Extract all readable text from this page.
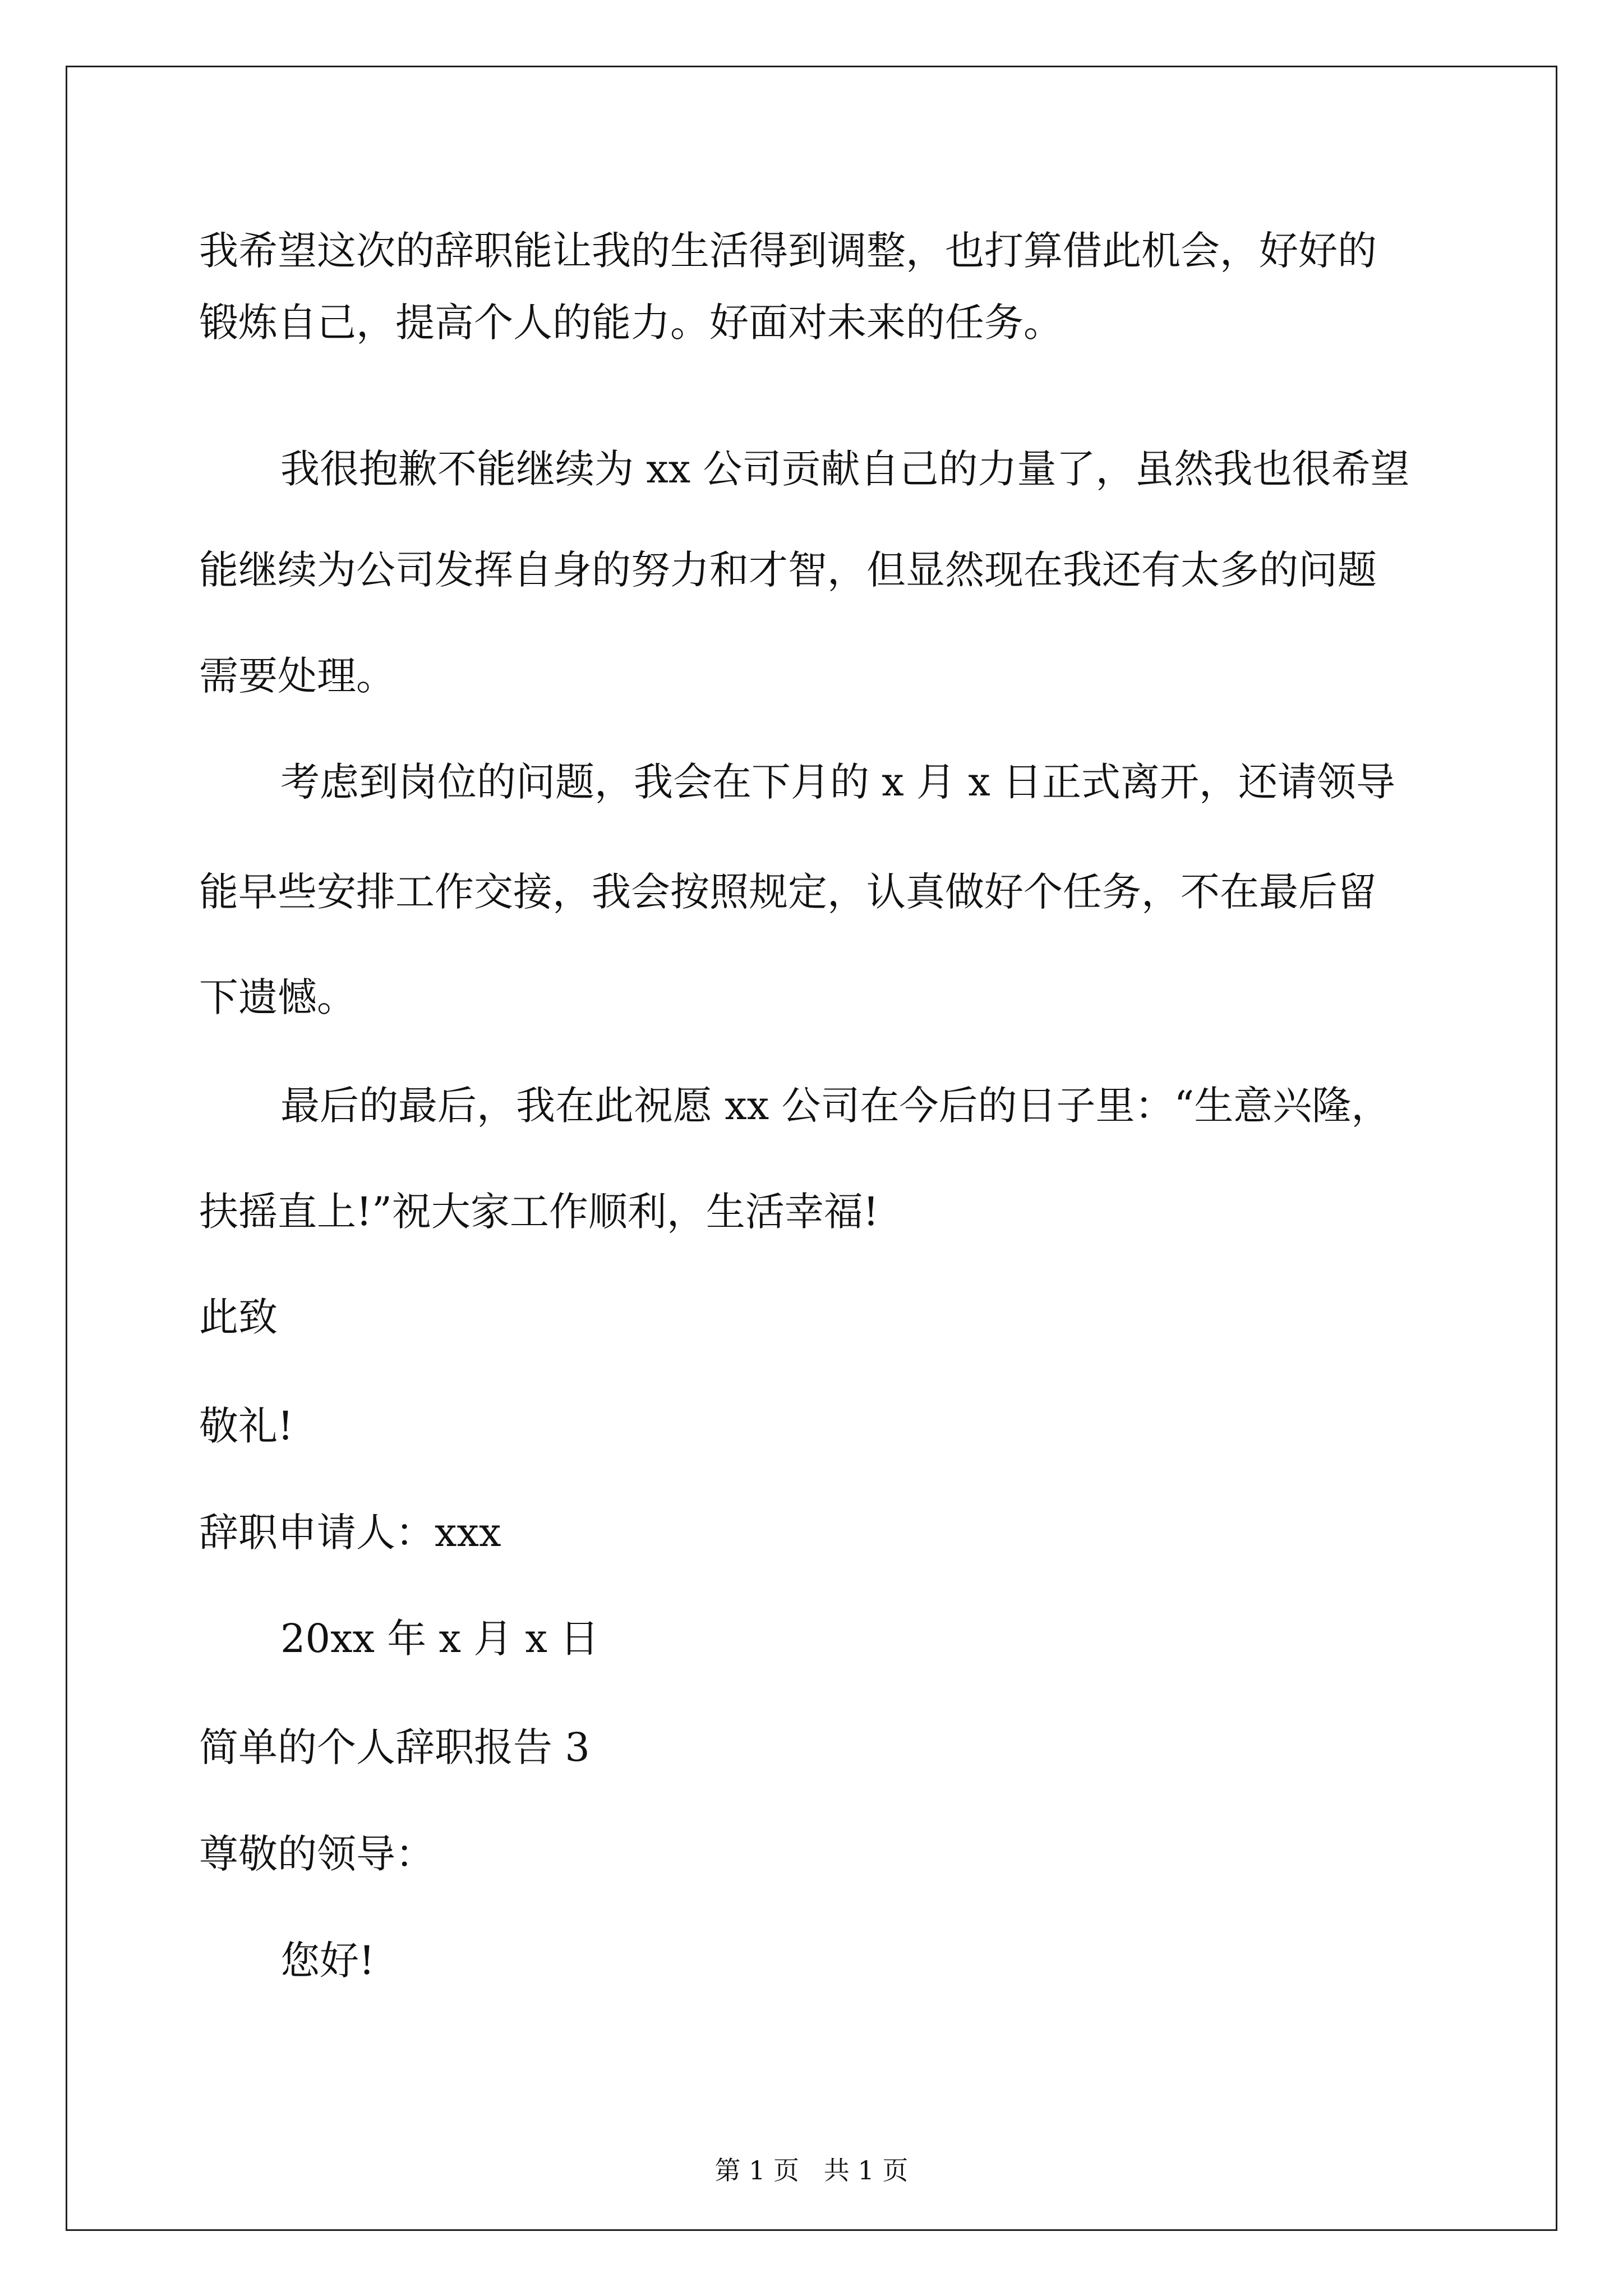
我希望这次的辞职能让我的生活得到调整，也打算借此机会，好好的
锻炼自己，提高个人的能力。好面对未来的任务。
我很抱歉不能继续为 xx 公司贡献自己的力量了，虽然我也很希望
能继续为公司发挥自身的努力和才智，但显然现在我还有太多的问题
需要处理。
考虑到岗位的问题，我会在下月的 x 月 x 日正式离开，还请领导
能早些安排工作交接，我会按照规定，认真做好个任务，不在最后留
下遗憾。
最后的最后，我在此祝愿 xx 公司在今后的日子里：“生意兴隆，
扶摇直上!”祝大家工作顺利，生活幸福!
此致
敬礼!
辞职申请人：xxx
20xx 年 x 月 x 日
简单的个人辞职报告 3
尊敬的领导：
您好!
第 1 页   共 1 页
